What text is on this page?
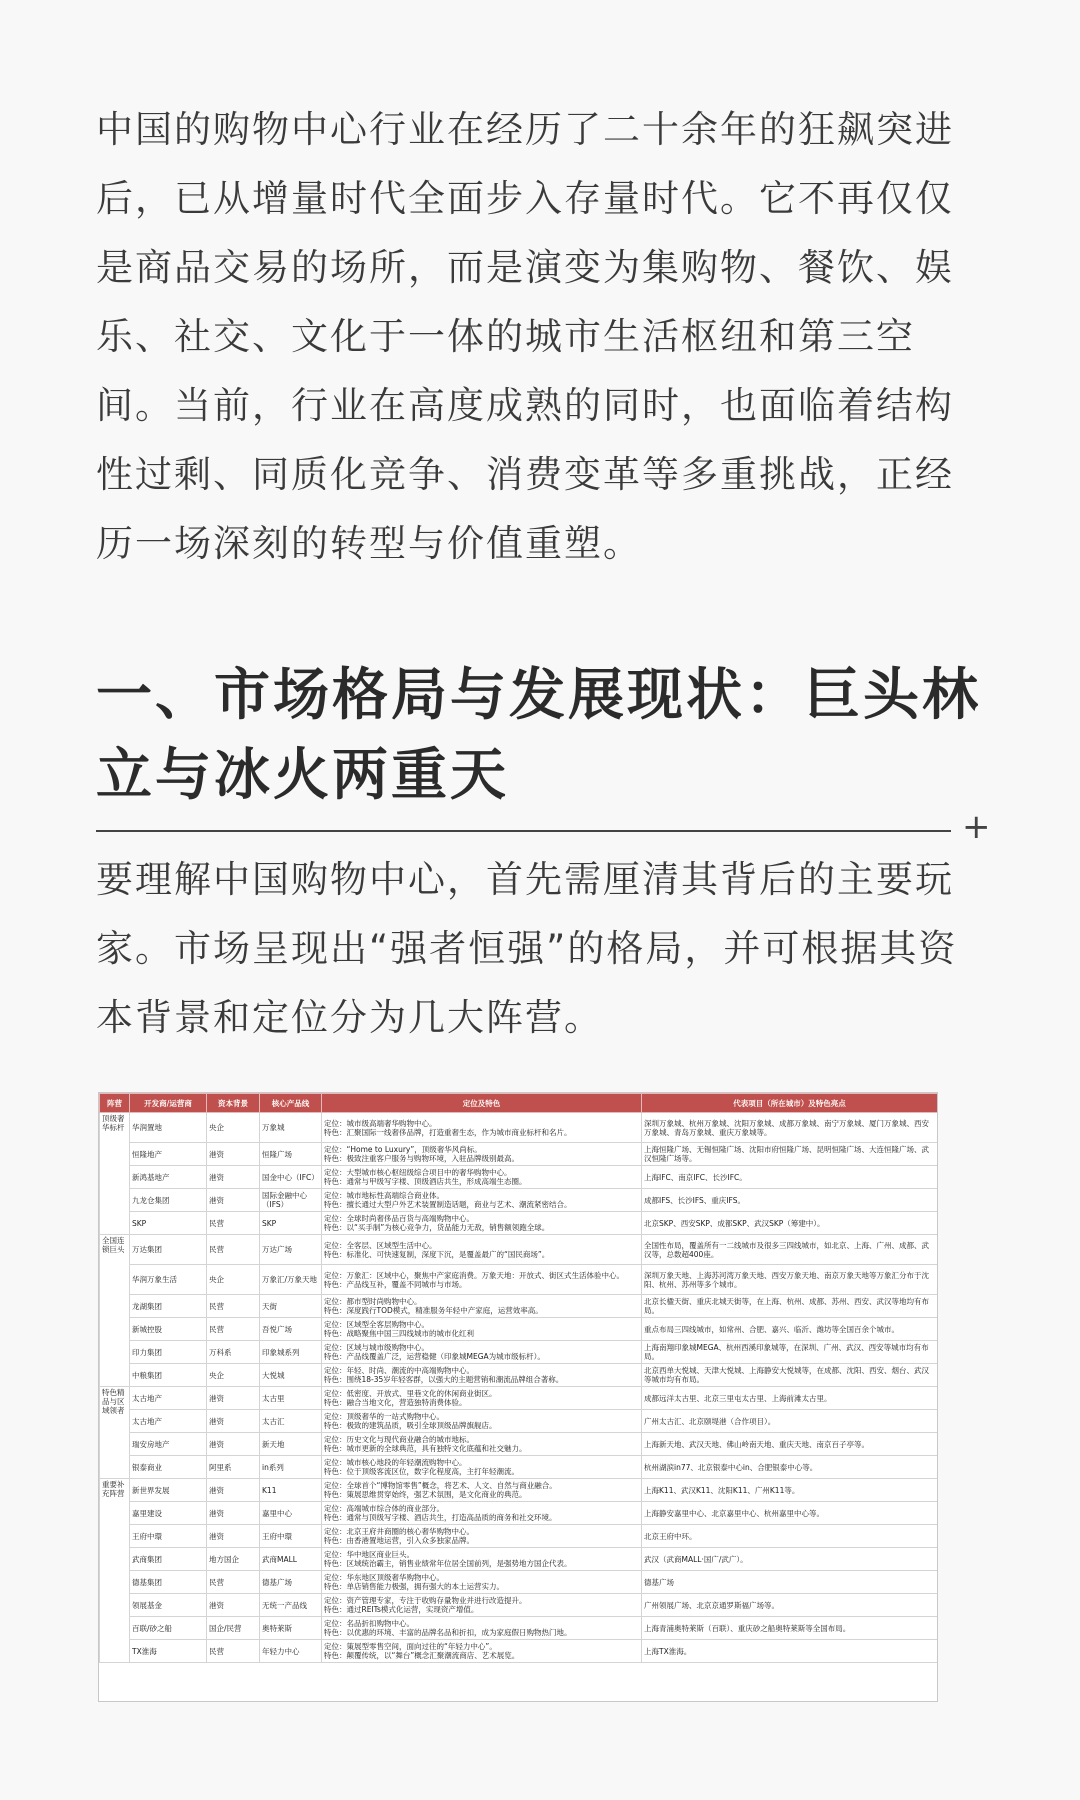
中国的购物中心行业在经历了二十余年的狂飙突进后，已从增量时代全面步入存量时代。它不再仅仅是商品交易的场所，而是演变为集购物、餐饮、娱乐、社交、文化于一体的城市生活枢纽和第三空间。当前，行业在高度成熟的同时，也面临着结构性过剩、同质化竞争、消费变革等多重挑战，正经历一场深刻的转型与价值重塑。

一、市场格局与发展现状：巨头林立与冰火两重天
+

要理解中国购物中心，首先需厘清其背后的主要玩家。市场呈现出“强者恒强”的格局，并可根据其资本背景和定位分为几大阵营。

阵营	开发商/运营商	资本背景	核心产品线	定位及特色	代表项目（所在城市）及特色亮点
顶级奢华标杆	华润置地	央企	万象城	定位：城市级高端奢华购物中心。
特色：汇聚国际一线奢侈品牌，打造重奢生态，作为城市商业标杆和名片。	深圳万象城、杭州万象城、沈阳万象城、成都万象城、南宁万象城、厦门万象城、西安万象城、青岛万象城、重庆万象城等。
	恒隆地产	港资	恒隆广场	定位：“Home to Luxury”，顶级奢华风尚标。
特色：极致注重客户服务与购物环境，入驻品牌级别最高。	上海恒隆广场、无锡恒隆广场、沈阳市府恒隆广场、昆明恒隆广场、大连恒隆广场、武汉恒隆广场等。
	新鸿基地产	港资	国金中心（IFC）	定位：大型城市核心枢纽级综合项目中的奢华购物中心。
特色：通常与甲级写字楼、顶级酒店共生，形成高端生态圈。	上海IFC、南京IFC、长沙IFC。
	九龙仓集团	港资	国际金融中心（IFS）	定位：城市地标性高端综合商业体。
特色：擅长通过大型户外艺术装置制造话题，商业与艺术、潮流紧密结合。	成都IFS、长沙IFS、重庆IFS。
	SKP	民营	SKP	定位：全球时尚奢侈品百货与高端购物中心。
特色：以“买手制”为核心竞争力，货品能力无敌，销售额领跑全球。	北京SKP、西安SKP、成都SKP、武汉SKP（筹建中）。
全国连锁巨头	万达集团	民营	万达广场	定位：全客层、区域型生活中心。
特色：标准化、可快速复制，深度下沉，是覆盖最广的“国民商场”。	全国性布局，覆盖所有一二线城市及很多三四线城市，如北京、上海、广州、成都、武汉等，总数超400座。
	华润万象生活	央企	万象汇/万象天地	定位：万象汇：区域中心，聚焦中产家庭消费。万象天地：开放式、街区式生活体验中心。
特色：产品线互补，覆盖不同城市与市场。	深圳万象天地、上海苏河湾万象天地、西安万象天地、南京万象天地等万象汇分布于沈阳、杭州、苏州等多个城市。
	龙湖集团	民营	天街	定位：都市型时尚购物中心。
特色：深度践行TOD模式，精准服务年轻中产家庭，运营效率高。	北京长楹天街、重庆北城天街等，在上海、杭州、成都、苏州、西安、武汉等地均有布局。
	新城控股	民营	吾悦广场	定位：区域型全客层购物中心。
特色：战略聚焦中国三四线城市的城市化红利	重点布局三四线城市，如常州、合肥、嘉兴、临沂、潍坊等全国百余个城市。
	印力集团	万科系	印象城系列	定位：区域与城市级购物中心。
特色：产品线覆盖广泛，运营稳健（印象城MEGA为城市级标杆）。	上海南翔印象城MEGA、杭州西溪印象城等，在深圳、广州、武汉、西安等城市均有布局。
	中粮集团	央企	大悦城	定位：年轻、时尚、潮流的中高端购物中心。
特色：围绕18-35岁年轻客群，以强大的主题营销和潮流品牌组合著称。	北京西单大悦城、天津大悦城、上海静安大悦城等，在成都、沈阳、西安、烟台、武汉等城市均有布局。
特色精品与区域领者	太古地产	港资	太古里	定位：低密度、开放式、里巷文化的休闲商业街区。
特色：融合当地文化，营造独特消费体验。	成都远洋太古里、北京三里屯太古里、上海前滩太古里。
	太古地产	港资	太古汇	定位：顶级奢华的一站式购物中心。
特色：极致的建筑品质，吸引全球顶级品牌旗舰店。	广州太古汇、北京颐堤港（合作项目）。
	瑞安房地产	港资	新天地	定位：历史文化与现代商业融合的城市地标。
特色：城市更新的全球典范，具有独特文化底蕴和社交魅力。	上海新天地、武汉天地、佛山岭南天地、重庆天地、南京百子亭等。
	银泰商业	阿里系	in系列	定位：城市核心地段的年轻潮流购物中心。
特色：位于顶级客流区位，数字化程度高，主打年轻潮流。	杭州湖滨in77、北京银泰中心in、合肥银泰中心等。
重要补充阵营	新世界发展	港资	K11	定位：全球首个“博物馆零售”概念，将艺术、人文、自然与商业融合。
特色：策展思维贯穿始终，强艺术氛围，是文化商业的典范。	上海K11、武汉K11、沈阳K11、广州K11等。
	嘉里建设	港资	嘉里中心	定位：高端城市综合体的商业部分。
特色：通常与顶级写字楼、酒店共生，打造高品质的商务和社交环境。	上海静安嘉里中心、北京嘉里中心、杭州嘉里中心等。
	王府中環	港资	王府中環	定位：北京王府井商圈的核心奢华购物中心。
特色：由香港置地运营，引入众多独家品牌。	北京王府中环。
	武商集团	地方国企	武商MALL	定位：华中地区商业巨头。
特色：区域统治霸主，销售业绩常年位居全国前列，是强势地方国企代表。	武汉（武商MALL·国广/武广）。
	德基集团	民营	德基广场	定位：华东地区顶级奢华购物中心。
特色：单店销售能力极强，拥有强大的本土运营实力。	德基广场
	领展基金	港资	无统一产品线	定位：资产管理专家，专注于收购存量物业并进行改造提升。
特色：通过REITs模式化运营，实现资产增值。	广州领展广场、北京京通罗斯福广场等。
	百联/砂之船	国企/民营	奥特莱斯	定位：名品折扣购物中心。
特色：以优惠的环境、丰富的品牌名品和折扣，成为家庭假日购物热门地。	上海青浦奥特莱斯（百联）、重庆砂之船奥特莱斯等全国布局。
	TX淮海	民营	年轻力中心	定位：策展型零售空间，面向过往的“年轻力中心”。
特色：颠覆传统，以“舞台”概念汇聚潮流商店、艺术展览。	上海TX淮海。
